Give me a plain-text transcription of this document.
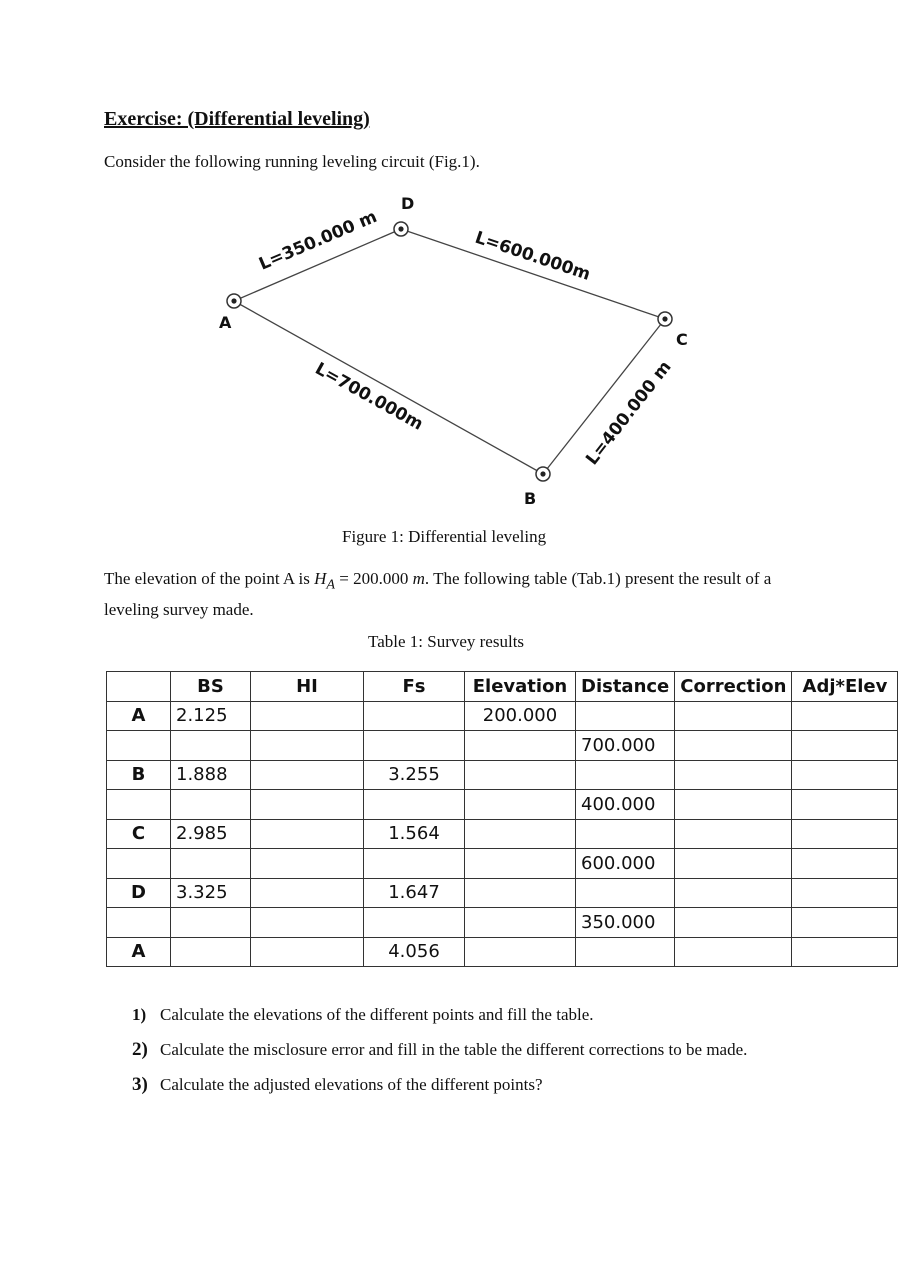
Exercise: (Differential leveling)

Consider the following running leveling circuit (Fig.1).

A
D
C
B
L=350.000 m	L=600.000m
L=400.000 m
L=700.000m

Figure 1: Differential leveling

The elevation of the point A is $H_A = 200.000$ m. The following table (Tab.1) present the result of a leveling survey made.

Table 1: Survey results

	BS	HI	Fs	Elevation	Distance	Correction	Adj*Elev
A	2.125			200.000			
					700.000		
B	1.888		3.255				
					400.000		
C	2.985		1.564				
					600.000		
D	3.325		1.647				
					350.000		
A			4.056				
1) Calculate the elevations of the different points and fill the table.
2) Calculate the misclosure error and fill in the table the different corrections to be made.
3) Calculate the adjusted elevations of the different points?
